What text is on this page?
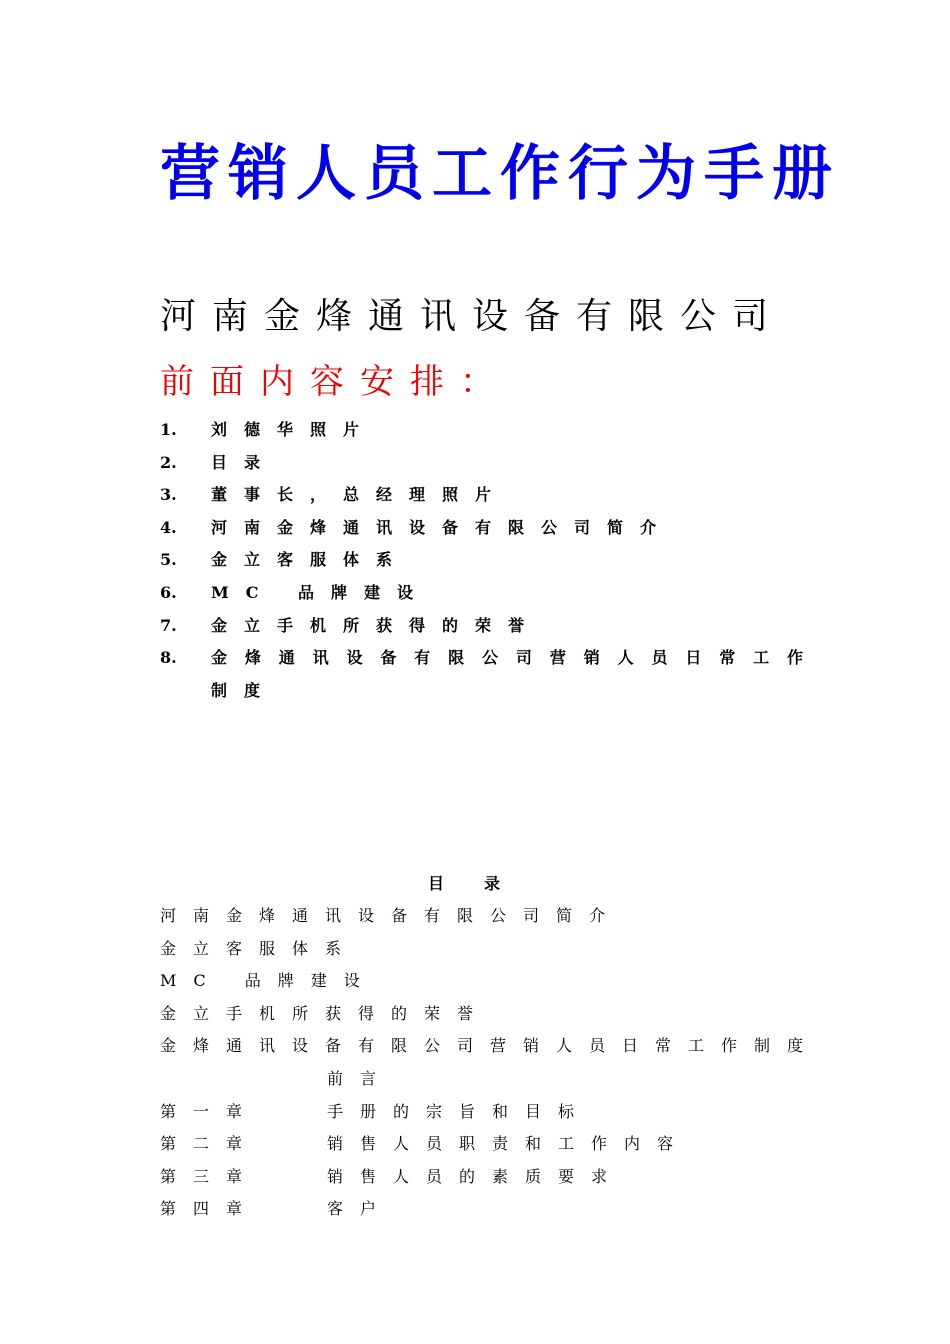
营销人员工作行为手册
河南金烽通讯设备有限公司
前面内容安排：
1. 刘德华照片
2. 目录
3. 董事长，总经理照片
4. 河南金烽通讯设备有限公司简介
5. 金立客服体系
6. MC 品牌建设
7. 金立手机所获得的荣誉
8. 金烽通讯设备有限公司营销人员日常工作制度
目录
河南金烽通讯设备有限公司简介
金立客服体系
MC 品牌建设
金立手机所获得的荣誉
金烽通讯设备有限公司营销人员日常工作制度
前言
第一章	手册的宗旨和目标
第二章	销售人员职责和工作内容
第三章	销售人员的素质要求
第四章	客户
